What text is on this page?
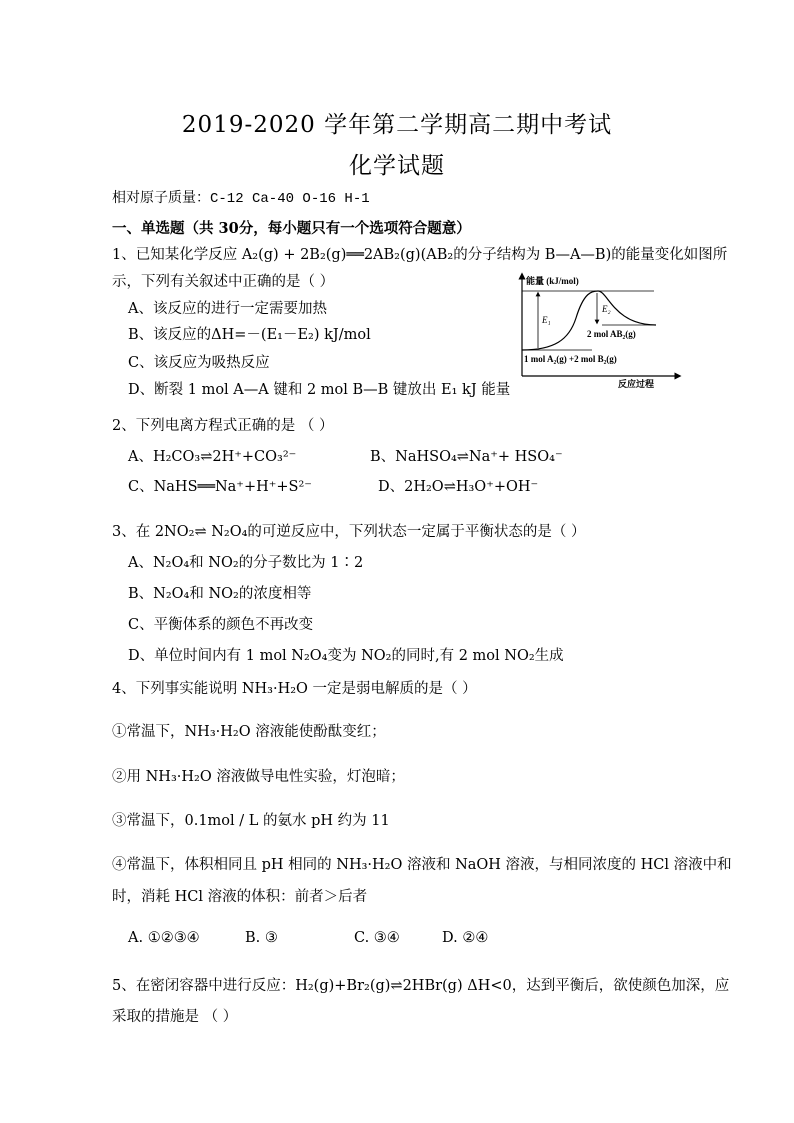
2019-2020 学年第二学期高二期中考试
化学试题
相对原子质量：C-12 Ca-40 O-16 H-1
一、单选题（共 30分，每小题只有一个选项符合题意）
1、已知某化学反应 A₂(g) + 2B₂(g)══2AB₂(g)(AB₂的分子结构为 B—A—B)的能量变化如图所
示，下列有关叙述中正确的是（ ）
A、该反应的进行一定需要加热
B、该反应的ΔH=－(E₁－E₂) kJ/mol
C、该反应为吸热反应
D、断裂 1 mol A—A 键和 2 mol B—B 键放出 E₁ kJ 能量
能量 (kJ/mol)
反应过程
E₁
E₂
2 mol AB₂(g)
1 mol A₂(g) +2 mol B₂(g)
2、下列电离方程式正确的是 （ ）
A、H₂CO₃⇌2H⁺+CO₃²⁻	B、NaHSO₄⇌Na⁺+ HSO₄⁻
C、NaHS══Na⁺+H⁺+S²⁻	D、2H₂O⇌H₃O⁺+OH⁻
3、在 2NO₂⇌ N₂O₄的可逆反应中，下列状态一定属于平衡状态的是（ ）
A、N₂O₄和 NO₂的分子数比为 1∶2
B、N₂O₄和 NO₂的浓度相等
C、平衡体系的颜色不再改变
D、单位时间内有 1 mol N₂O₄变为 NO₂的同时,有 2 mol NO₂生成
4、下列事实能说明 NH₃·H₂O 一定是弱电解质的是（ ）
①常温下，NH₃·H₂O 溶液能使酚酞变红；
②用 NH₃·H₂O 溶液做导电性实验，灯泡暗；
③常温下，0.1mol / L 的氨水 pH 约为 11
④常温下，体积相同且 pH 相同的 NH₃·H₂O 溶液和 NaOH 溶液，与相同浓度的 HCl 溶液中和
时，消耗 HCl 溶液的体积：前者＞后者
A. ①②③④	B. ③	C. ③④	D. ②④
5、在密闭容器中进行反应：H₂(g)+Br₂(g)⇌2HBr(g) ΔH<0，达到平衡后，欲使颜色加深，应
采取的措施是 （ ）
